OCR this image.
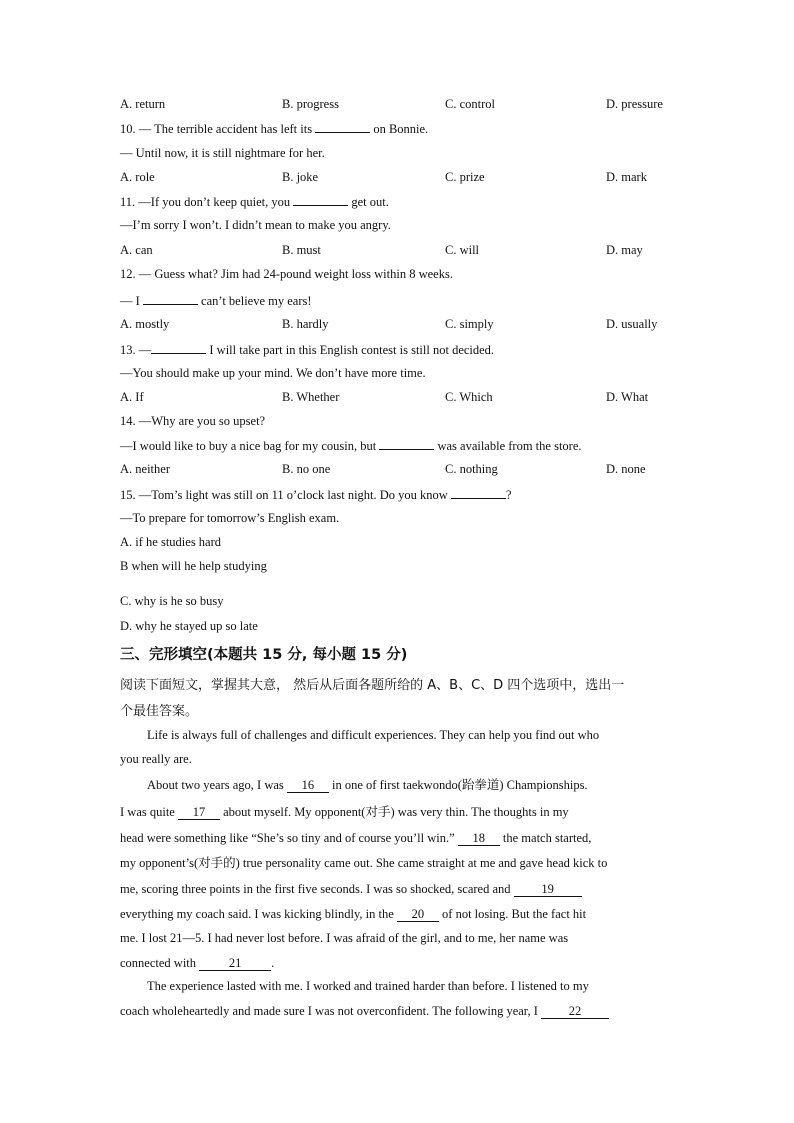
A. return	B. progress	C. control	D. pressure
10. — The terrible accident has left its	on Bonnie.
— Until now, it is still nightmare for her.
A. role	B. joke	C. prize	D. mark
11. —If you don’t keep quiet, you	get out.
—I’m sorry I won’t. I didn’t mean to make you angry.
A. can	B. must	C. will	D. may
12. — Guess what? Jim had 24-pound weight loss within 8 weeks.
— I	can’t believe my ears!
A. mostly	B. hardly	C. simply	D. usually
13. —	I will take part in this English contest is still not decided.
—You should make up your mind. We don’t have more time.
A. If	B. Whether	C. Which	D. What
14. —Why are you so upset?
—I would like to buy a nice bag for my cousin, but	was available from the store.
A. neither	B. no one	C. nothing	D. none
15. —Tom’s light was still on 11 o’clock last night. Do you know	?
—To prepare for tomorrow’s English exam.
A. if he studies hard
B when will he help studying
C. why is he so busy
D. why he stayed up so late
三、完形填空(本题共 15 分, 每小题 15 分)
阅读下面短文，掌握其大意， 然后从后面各题所给的 A、B、C、D 四个选项中，选出一
个最佳答案。
Life is always full of challenges and difficult experiences. They can help you find out who
you really are.
About two years ago, I was 16 in one of first taekwondo(跆拳道) Championships.
I was quite 17 about myself. My opponent(对手) was very thin. The thoughts in my
head were something like “She’s so tiny and of course you’ll win.” 18 the match started,
my opponent’s(对手的) true personality came out. She came straight at me and gave head kick to
me, scoring three points in the first five seconds. I was so shocked, scared and 19
everything my coach said. I was kicking blindly, in the 20 of not losing. But the fact hit
me. I lost 21—5. I had never lost before. I was afraid of the girl, and to me, her name was
connected with 21 .
The experience lasted with me. I worked and trained harder than before. I listened to my
coach wholeheartedly and made sure I was not overconfident. The following year, I 22
